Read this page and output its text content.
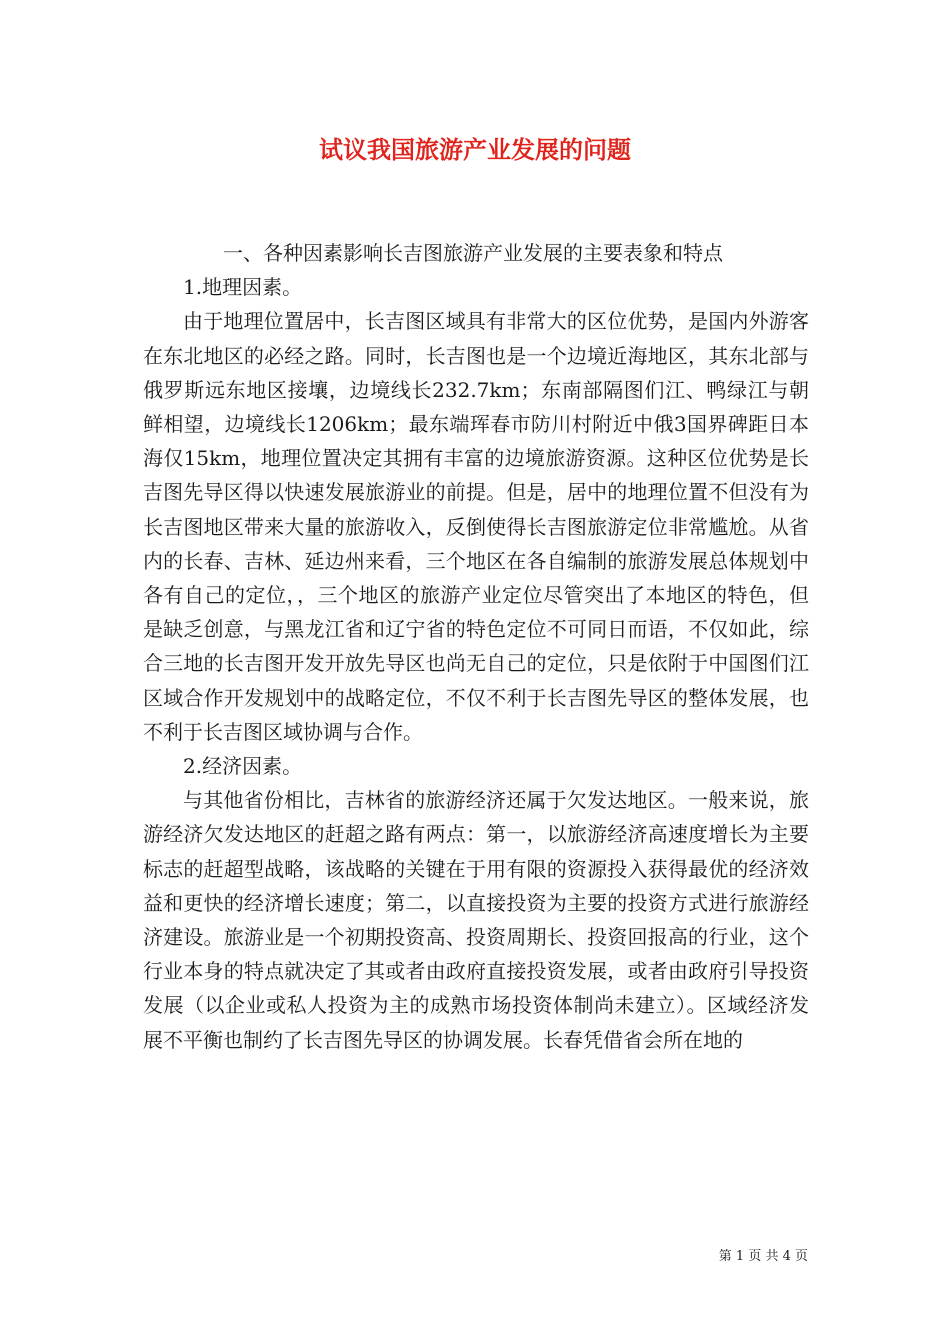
试议我国旅游产业发展的问题

一、各种因素影响长吉图旅游产业发展的主要表象和特点

1.地理因素。

由于地理位置居中，长吉图区域具有非常大的区位优势，是国内外游客在东北地区的必经之路。同时，长吉图也是一个边境近海地区，其东北部与俄罗斯远东地区接壤，边境线长232.7km；东南部隔图们江、鸭绿江与朝鲜相望，边境线长1206km；最东端珲春市防川村附近中俄3国界碑距日本海仅15km，地理位置决定其拥有丰富的边境旅游资源。这种区位优势是长吉图先导区得以快速发展旅游业的前提。但是，居中的地理位置不但没有为长吉图地区带来大量的旅游收入，反倒使得长吉图旅游定位非常尴尬。从省内的长春、吉林、延边州来看，三个地区在各自编制的旅游发展总体规划中各有自己的定位，，三个地区的旅游产业定位尽管突出了本地区的特色，但是缺乏创意，与黑龙江省和辽宁省的特色定位不可同日而语，不仅如此，综合三地的长吉图开发开放先导区也尚无自己的定位，只是依附于中国图们江区域合作开发规划中的战略定位，不仅不利于长吉图先导区的整体发展，也不利于长吉图区域协调与合作。

2.经济因素。

与其他省份相比，吉林省的旅游经济还属于欠发达地区。一般来说，旅游经济欠发达地区的赶超之路有两点：第一，以旅游经济高速度增长为主要标志的赶超型战略，该战略的关键在于用有限的资源投入获得最优的经济效益和更快的经济增长速度；第二，以直接投资为主要的投资方式进行旅游经济建设。旅游业是一个初期投资高、投资周期长、投资回报高的行业，这个行业本身的特点就决定了其或者由政府直接投资发展，或者由政府引导投资发展（以企业或私人投资为主的成熟市场投资体制尚未建立）。区域经济发展不平衡也制约了长吉图先导区的协调发展。长春凭借省会所在地的

第 1 页 共 4 页
